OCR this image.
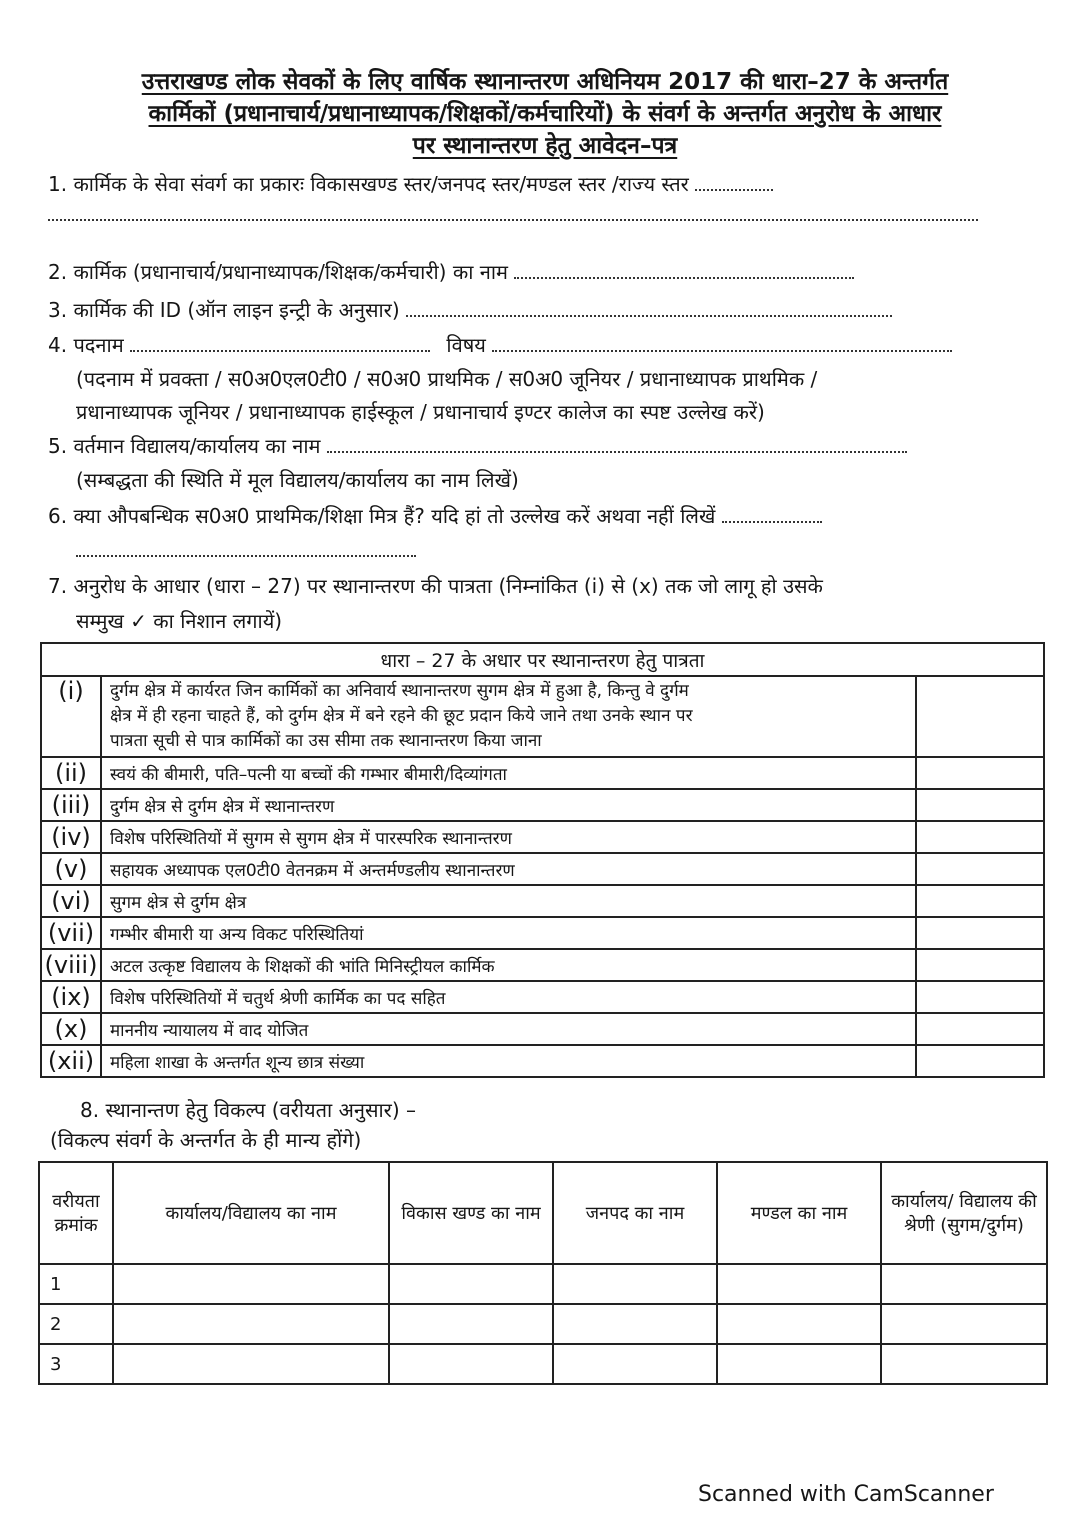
उत्तराखण्ड लोक सेवकों के लिए वार्षिक स्थानान्तरण अधिनियम 2017 की धारा–27 के अन्तर्गत
कार्मिकों (प्रधानाचार्य/प्रधानाध्यापक/शिक्षकों/कर्मचारियों) के संवर्ग के अन्तर्गत अनुरोध के आधार
पर स्थानान्तरण हेतु आवेदन–पत्र
1. कार्मिक के सेवा संवर्ग का प्रकारः विकासखण्ड स्तर/जनपद स्तर/मण्डल स्तर /राज्य स्तर
2. कार्मिक (प्रधानाचार्य/प्रधानाध्यापक/शिक्षक/कर्मचारी) का नाम
3. कार्मिक की ID (ऑन लाइन इन्ट्री के अनुसार)
4. पदनाम	विषय
(पदनाम में प्रवक्ता / स0अ0एल0टी0 / स0अ0 प्राथमिक / स0अ0 जूनियर / प्रधानाध्यापक प्राथमिक /
प्रधानाध्यापक जूनियर / प्रधानाध्यापक हाईस्कूल / प्रधानाचार्य इण्टर कालेज का स्पष्ट उल्लेख करें)
5. वर्तमान विद्यालय/कार्यालय का नाम
(सम्बद्धता की स्थिति में मूल विद्यालय/कार्यालय का नाम लिखें)
6. क्या औपबन्धिक स0अ0 प्राथमिक/शिक्षा मित्र हैं? यदि हां तो उल्लेख करें अथवा नहीं लिखें
7. अनुरोध के आधार (धारा – 27) पर स्थानान्तरण की पात्रता (निम्नांकित (i) से (x) तक जो लागू हो उसके
सम्मुख ✓ का निशान लगायें)
धारा – 27 के अधार पर स्थानान्तरण हेतु पात्रता		
(i)	दुर्गम क्षेत्र में कार्यरत जिन कार्मिकों का अनिवार्य स्थानान्तरण सुगम क्षेत्र में हुआ है, किन्तु वे दुर्गम
क्षेत्र में ही रहना चाहते हैं, को दुर्गम क्षेत्र में बने रहने की छूट प्रदान किये जाने तथा उनके स्थान पर
पात्रता सूची से पात्र कार्मिकों का उस सीमा तक स्थानान्तरण किया जाना	

(ii)	स्वयं की बीमारी, पति–पत्नी या बच्चों की गम्भार बीमारी/दिव्यांगता	
(iii)	दुर्गम क्षेत्र से दुर्गम क्षेत्र में स्थानान्तरण	
(iv)	विशेष परिस्थितियों में सुगम से सुगम क्षेत्र में पारस्परिक स्थानान्तरण	
(v)	सहायक अध्यापक एल0टी0 वेतनक्रम में अन्तर्मण्डलीय स्थानान्तरण	
(vi)	सुगम क्षेत्र से दुर्गम क्षेत्र	
(vii)	गम्भीर बीमारी या अन्य विकट परिस्थितियां	
(viii)	अटल उत्कृष्ट विद्यालय के शिक्षकों की भांति मिनिस्ट्रीयल कार्मिक	
(ix)	विशेष परिस्थितियों में चतुर्थ श्रेणी कार्मिक का पद सहित	
(x)	माननीय न्यायालय में वाद योजित	
(xii)	महिला शाखा के अन्तर्गत शून्य छात्र संख्या	
8. स्थानान्तण हेतु विकल्प (वरीयता अनुसार) –
(विकल्प संवर्ग के अन्तर्गत के ही मान्य होंगे)
वरीयता क्रमांक	कार्यालय/विद्यालय का नाम	विकास खण्ड का नाम	जनपद का नाम	मण्डल का नाम	कार्यालय/ विद्यालय की श्रेणी (सुगम/दुर्गम)
1					
2					
3					
Scanned with CamScanner
